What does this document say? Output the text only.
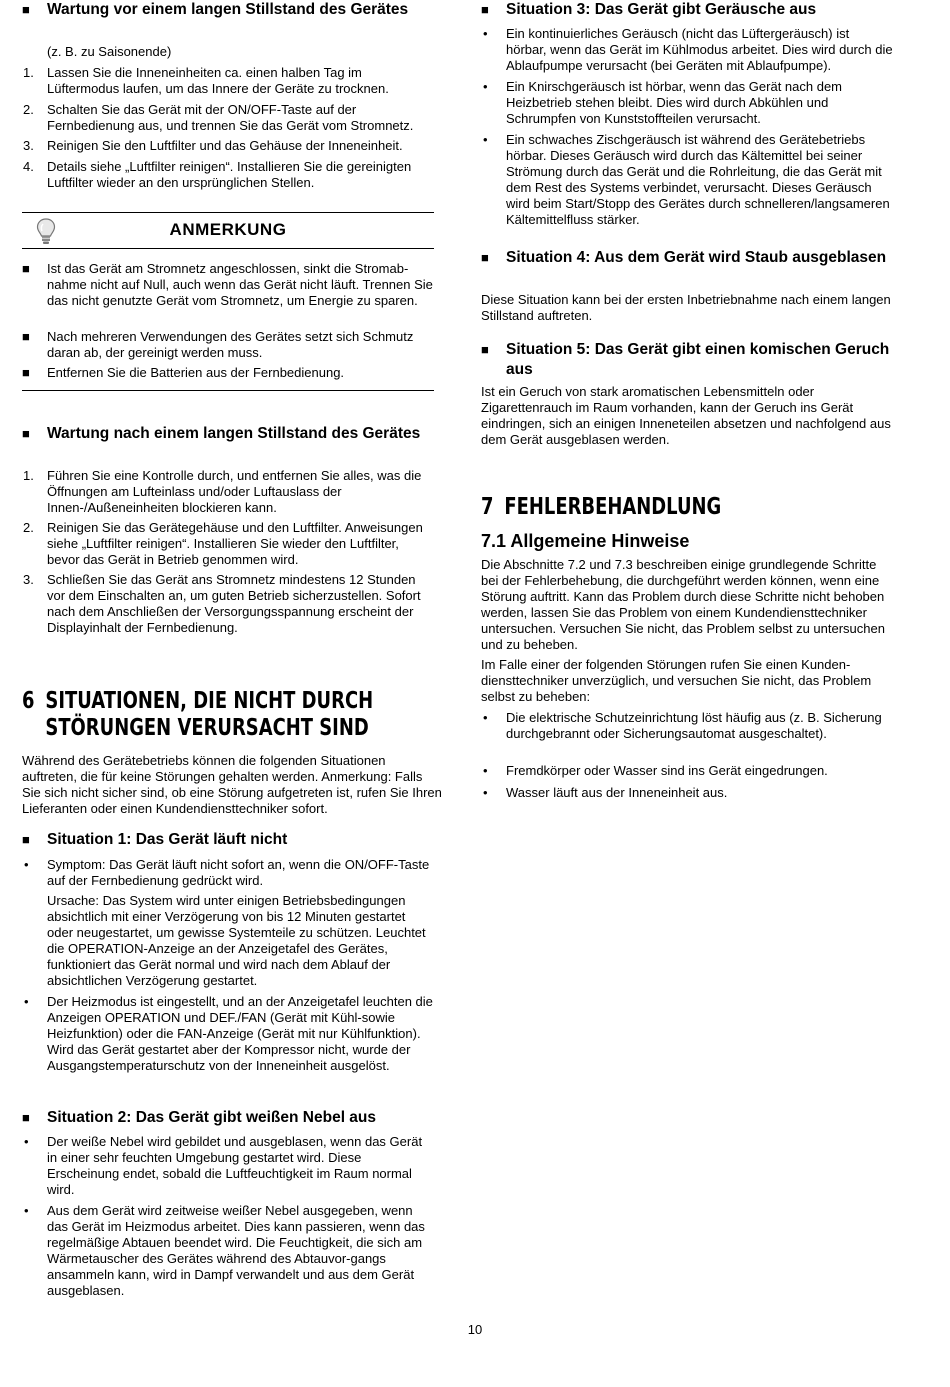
■ Wartung vor einem langen Stillstand des Gerätes
(z. B. zu Saisonende)
1. Lassen Sie die Inneneinheiten ca. einen halben Tag im Lüftermodus laufen, um das Innere der Geräte zu trocknen.
2. Schalten Sie das Gerät mit der ON/OFF-Taste auf der Fernbedienung aus, und trennen Sie das Gerät vom Stromnetz.
3. Reinigen Sie den Luftfilter und das Gehäuse der Inneneinheit.
4. Details siehe „Luftfilter reinigen“. Installieren Sie die gereinigten Luftfilter wieder an den ursprünglichen Stellen.
ANMERKUNG
■ Ist das Gerät am Stromnetz angeschlossen, sinkt die Stromab-nahme nicht auf Null, auch wenn das Gerät nicht läuft. Trennen Sie das nicht genutzte Gerät vom Stromnetz, um Energie zu sparen.
■ Nach mehreren Verwendungen des Gerätes setzt sich Schmutz daran ab, der gereinigt werden muss.
■ Entfernen Sie die Batterien aus der Fernbedienung.
■ Wartung nach einem langen Stillstand des Gerätes
1. Führen Sie eine Kontrolle durch, und entfernen Sie alles, was die Öffnungen am Lufteinlass und/oder Luftauslass der Innen-/Außeneinheiten blockieren kann.
2. Reinigen Sie das Gerätegehäuse und den Luftfilter. Anweisungen siehe „Luftfilter reinigen“. Installieren Sie wieder den Luftfilter, bevor das Gerät in Betrieb genommen wird.
3. Schließen Sie das Gerät ans Stromnetz mindestens 12 Stunden vor dem Einschalten an, um guten Betrieb sicherzustellen. Sofort nach dem Anschließen der Versorgungsspannung erscheint der Displayinhalt der Fernbedienung.
6 SITUATIONEN, DIE NICHT DURCH
STÖRUNGEN VERURSACHT SIND
Während des Gerätebetriebs können die folgenden Situationen auftreten, die für keine Störungen gehalten werden. Anmerkung: Falls Sie sich nicht sicher sind, ob eine Störung aufgetreten ist, rufen Sie Ihren Lieferanten oder einen Kundendiensttechniker sofort.
■ Situation 1: Das Gerät läuft nicht
• Symptom: Das Gerät läuft nicht sofort an, wenn die ON/OFF-Taste auf der Fernbedienung gedrückt wird.
Ursache: Das System wird unter einigen Betriebsbedingungen absichtlich mit einer Verzögerung von bis 12 Minuten gestartet oder neugestartet, um gewisse Systemteile zu schützen. Leuchtet die OPERATION-Anzeige an der Anzeigetafel des Gerätes, funktioniert das Gerät normal und wird nach dem Ablauf der absichtlichen Verzögerung gestartet.
• Der Heizmodus ist eingestellt, und an der Anzeigetafel leuchten die Anzeigen OPERATION und DEF./FAN (Gerät mit Kühl-sowie Heizfunktion) oder die FAN-Anzeige (Gerät mit nur Kühlfunktion). Wird das Gerät gestartet aber der Kompressor nicht, wurde der Ausgangstemperaturschutz von der Inneneinheit ausgelöst.
■ Situation 2: Das Gerät gibt weißen Nebel aus
• Der weiße Nebel wird gebildet und ausgeblasen, wenn das Gerät in einer sehr feuchten Umgebung gestartet wird. Diese Erscheinung endet, sobald die Luftfeuchtigkeit im Raum normal wird.
• Aus dem Gerät wird zeitweise weißer Nebel ausgegeben, wenn das Gerät im Heizmodus arbeitet. Dies kann passieren, wenn das regelmäßige Abtauen beendet wird. Die Feuchtigkeit, die sich am Wärmetauscher des Gerätes während des Abtauvor-gangs ansammeln kann, wird in Dampf verwandelt und aus dem Gerät ausgeblasen.
■ Situation 3: Das Gerät gibt Geräusche aus
• Ein kontinuierliches Geräusch (nicht das Lüftergeräusch) ist hörbar, wenn das Gerät im Kühlmodus arbeitet. Dies wird durch die Ablaufpumpe verursacht (bei Geräten mit Ablaufpumpe).
• Ein Knirschgeräusch ist hörbar, wenn das Gerät nach dem Heizbetrieb stehen bleibt. Dies wird durch Abkühlen und Schrumpfen von Kunststoffteilen verursacht.
• Ein schwaches Zischgeräusch ist während des Gerätebetriebs hörbar. Dieses Geräusch wird durch das Kältemittel bei seiner Strömung durch das Gerät und die Rohrleitung, die das Gerät mit dem Rest des Systems verbindet, verursacht. Dieses Geräusch wird beim Start/Stopp des Gerätes durch schnelleren/langsameren Kältemittelfluss stärker.
■ Situation 4: Aus dem Gerät wird Staub ausgeblasen
Diese Situation kann bei der ersten Inbetriebnahme nach einem langen Stillstand auftreten.
■ Situation 5: Das Gerät gibt einen komischen Geruch aus
Ist ein Geruch von stark aromatischen Lebensmitteln oder Zigarettenrauch im Raum vorhanden, kann der Geruch ins Gerät eindringen, sich an einigen Inneneteilen absetzen und nachfolgend aus dem Gerät ausgeblasen werden.
7 FEHLERBEHANDLUNG
7.1 Allgemeine Hinweise
Die Abschnitte 7.2 und 7.3 beschreiben einige grundlegende Schritte bei der Fehlerbehebung, die durchgeführt werden können, wenn eine Störung auftritt. Kann das Problem durch diese Schritte nicht behoben werden, lassen Sie das Problem von einem Kundendiensttechniker untersuchen. Versuchen Sie nicht, das Problem selbst zu untersuchen und zu beheben.
Im Falle einer der folgenden Störungen rufen Sie einen Kunden-diensttechniker unverzüglich, und versuchen Sie nicht, das Problem selbst zu beheben:
• Die elektrische Schutzeinrichtung löst häufig aus (z. B. Sicherung durchgebrannt oder Sicherungsautomat ausgeschaltet).
• Fremdkörper oder Wasser sind ins Gerät eingedrungen.
• Wasser läuft aus der Inneneinheit aus.
10
